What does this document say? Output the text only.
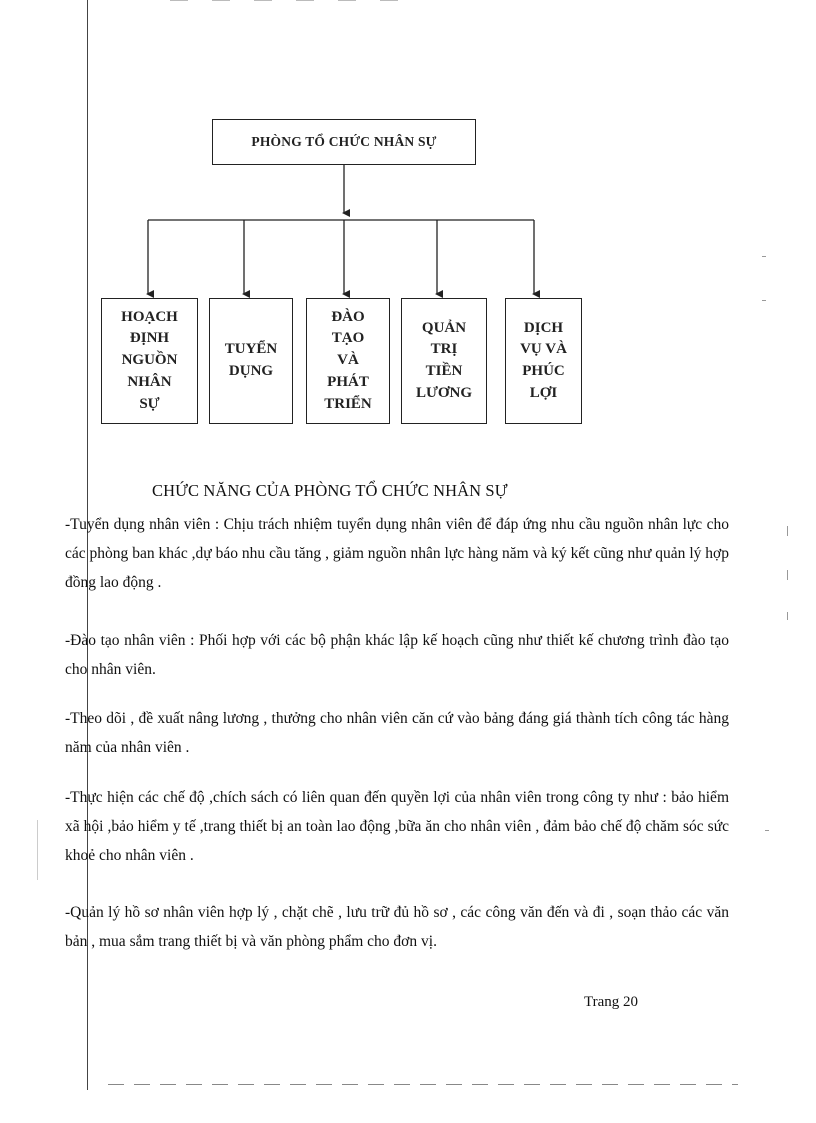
PHÒNG TỔ CHỨC NHÂN SỰ
HOẠCH
ĐỊNH
NGUỒN
NHÂN
SỰ
TUYỂN
DỤNG
ĐÀO
TẠO
VÀ
PHÁT
TRIỂN
QUẢN
TRỊ
TIỀN
LƯƠNG
DỊCH
VỤ VÀ
PHÚC
LỢI
CHỨC NĂNG CỦA PHÒNG TỔ CHỨC NHÂN SỰ

-Tuyển dụng nhân viên : Chịu trách nhiệm tuyển dụng nhân viên để đáp ứng nhu cầu nguồn nhân lực cho các phòng ban khác ,dự báo nhu cầu tăng , giảm nguồn nhân lực hàng năm và ký kết cũng như quản lý hợp đồng lao động .

-Đào tạo nhân viên : Phối hợp với các bộ phận khác lập kế hoạch cũng như thiết kế chương trình đào tạo cho nhân viên.

-Theo dõi , đề xuất nâng lương , thưởng cho nhân viên căn cứ vào bảng đáng giá thành tích công tác hàng năm của nhân viên .

-Thực hiện các chế độ ,chích sách có liên quan đến quyền lợi của nhân viên trong công ty như : bảo hiểm xã hội ,bảo hiểm y tế ,trang thiết bị an toàn lao động ,bữa ăn cho nhân viên , đảm bảo chế độ chăm sóc sức khoẻ cho nhân viên .

-Quản lý hồ sơ nhân viên hợp lý , chặt chẽ , lưu trữ đủ hồ sơ , các công văn đến và đi , soạn thảo các văn bản , mua sắm trang thiết bị và văn phòng phẩm cho đơn vị.

Trang 20
